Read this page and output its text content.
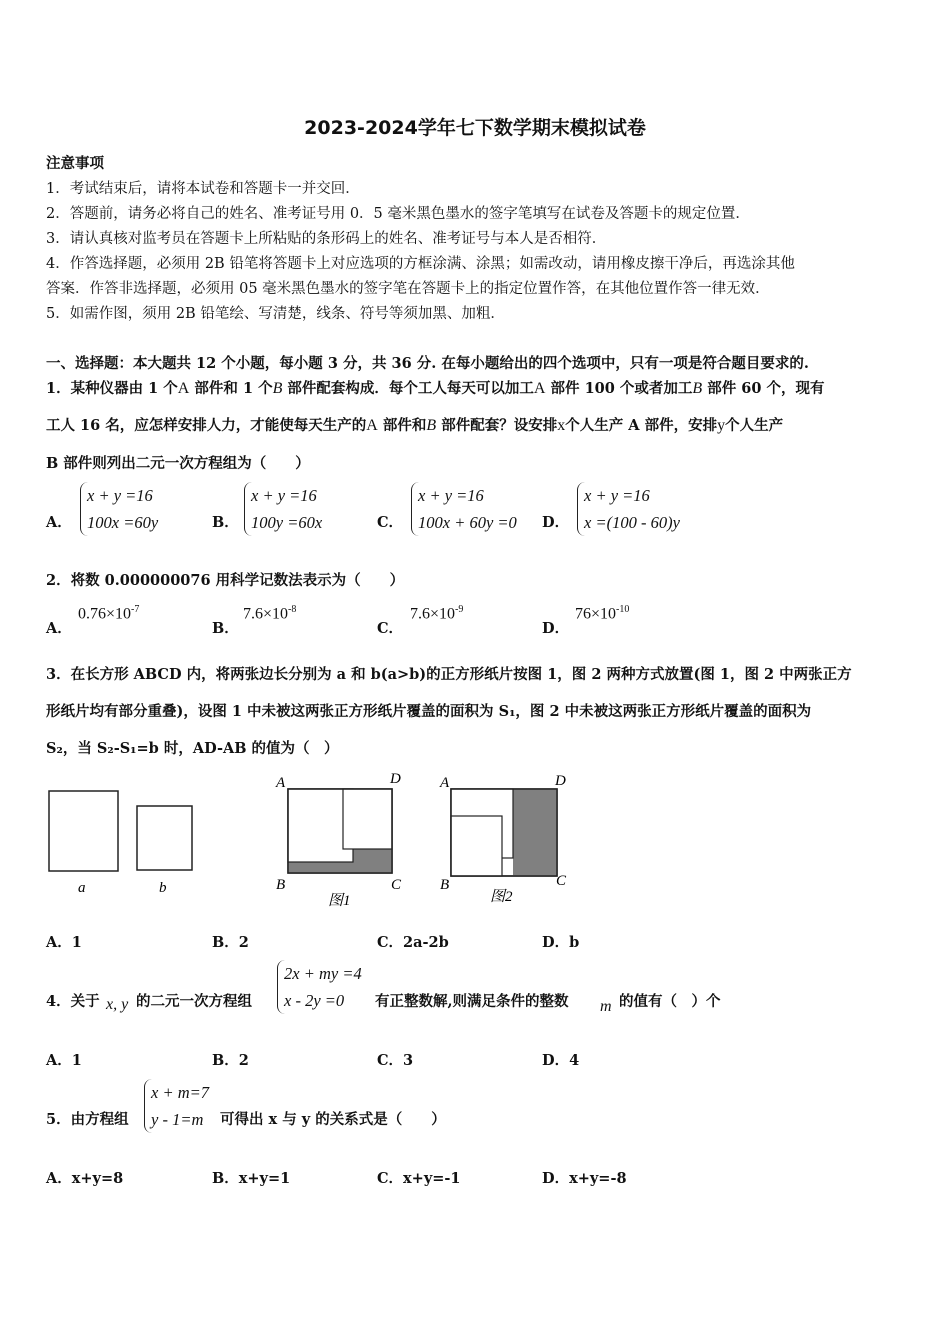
2023-2024学年七下数学期末模拟试卷
注意事项
1．考试结束后，请将本试卷和答题卡一并交回．
2．答题前，请务必将自己的姓名、准考证号用 0．5 毫米黑色墨水的签字笔填写在试卷及答题卡的规定位置．
3．请认真核对监考员在答题卡上所粘贴的条形码上的姓名、准考证号与本人是否相符．
4．作答选择题，必须用 2B 铅笔将答题卡上对应选项的方框涂满、涂黑；如需改动，请用橡皮擦干净后，再选涂其他
答案．作答非选择题，必须用 05 毫米黑色墨水的签字笔在答题卡上的指定位置作答，在其他位置作答一律无效．
5．如需作图，须用 2B 铅笔绘、写清楚，线条、符号等须加黑、加粗．
一、选择题：本大题共 12 个小题，每小题 3 分，共 36 分. 在每小题给出的四个选项中，只有一项是符合题目要求的.
1．某种仪器由 1 个A 部件和 1 个B 部件配套构成．每个工人每天可以加工A 部件 100 个或者加工B 部件 60 个，现有
工人 16 名，应怎样安排人力，才能使每天生产的A 部件和B 部件配套？设安排x个人生产 A 部件，安排y个人生产
B 部件则列出二元一次方程组为（　　）
A．
x + y =16
100x =60y	B．
x + y =16
100y =60x	C．
x + y =16
100x + 60y =0 D．
x + y =16
x =(100 - 60)y
2．将数 0.000000076 用科学记数法表示为（　　）
A．
$0.76\times 10^{-7}$
B．
$7.6\times 10^{-8}$
C．
$7.6\times 10^{-9}$
D．
$76\times 10^{-10}$
3．在长方形 ABCD 内，将两张边长分别为 a 和 b(a>b)的正方形纸片按图 1，图 2 两种方式放置(图 1，图 2 中两张正方
形纸片均有部分重叠)，设图 1 中未被这两张正方形纸片覆盖的面积为 S₁，图 2 中未被这两张正方形纸片覆盖的面积为
S₂，当 S₂-S₁=b 时，AD-AB 的值为（　）
a	b
A	D
B	C
图1
A	D
B	C
图2
A．1	B．2	C．2a-2b	D．b
4．关于 x, y 的二元一次方程组
2x + my =4
x - 2y =0	有正整数解,则满足条件的整数 m 的值有（　）个
A．1	B．2	C．3	D．4
5．由方程组
x + m=7
y - 1=m	可得出 x 与 y 的关系式是（　　）
A．x+y=8	B．x+y=1	C．x+y=-1	D．x+y=-8
